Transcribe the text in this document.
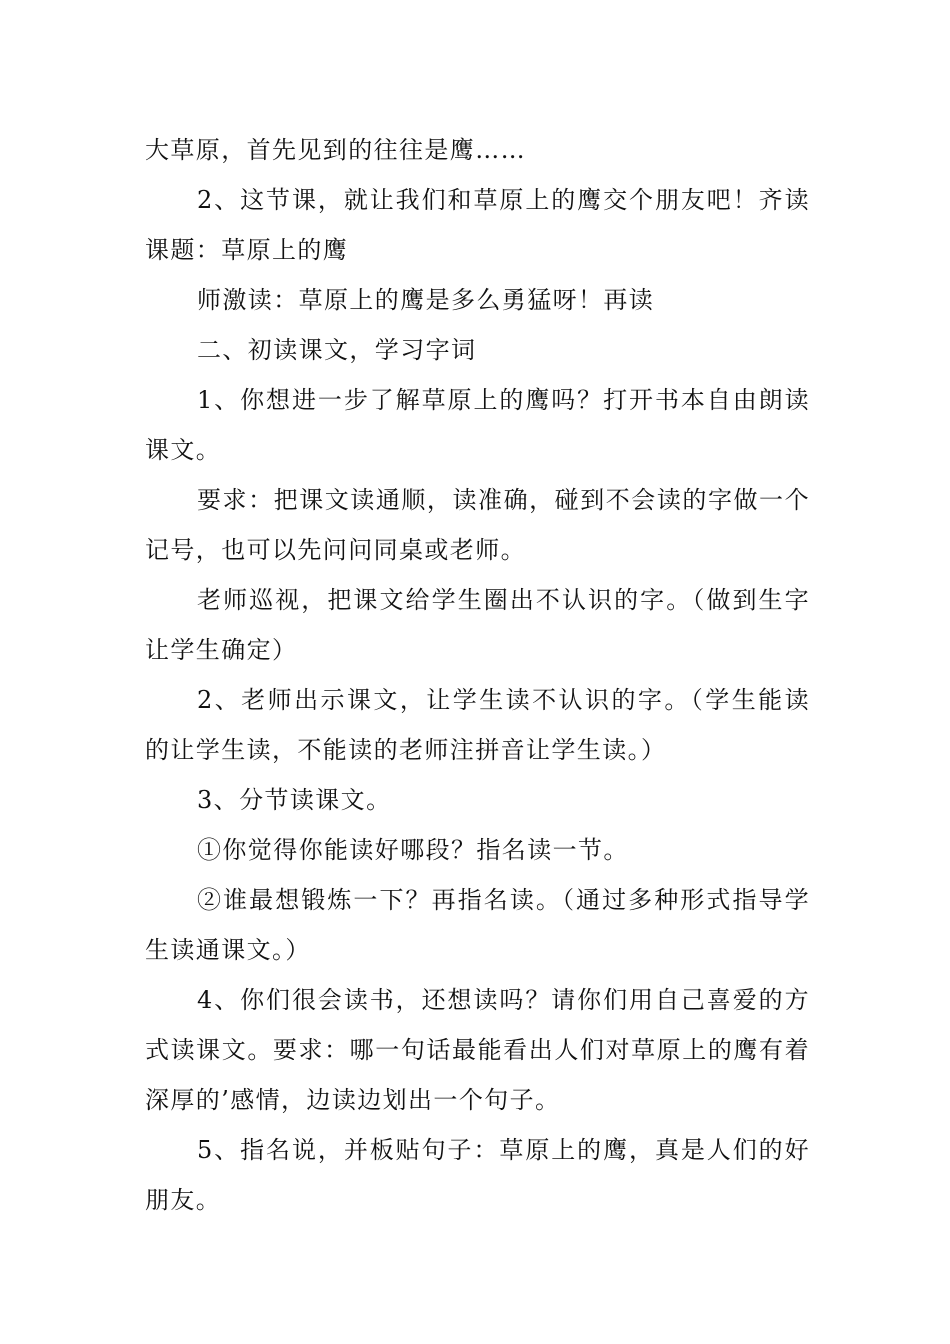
大草原，首先见到的往往是鹰……

2、这节课，就让我们和草原上的鹰交个朋友吧！齐读课题：草原上的鹰

师激读：草原上的鹰是多么勇猛呀！再读

二、初读课文，学习字词

1、你想进一步了解草原上的鹰吗？打开书本自由朗读课文。

要求：把课文读通顺，读准确，碰到不会读的字做一个记号，也可以先问问同桌或老师。

老师巡视，把课文给学生圈出不认识的字。（做到生字让学生确定）

2、老师出示课文，让学生读不认识的字。（学生能读的让学生读，不能读的老师注拼音让学生读。）

3、分节读课文。

①你觉得你能读好哪段？指名读一节。

②谁最想锻炼一下？再指名读。（通过多种形式指导学生读通课文。）

4、你们很会读书，还想读吗？请你们用自己喜爱的方式读课文。要求：哪一句话最能看出人们对草原上的鹰有着深厚的’感情，边读边划出一个句子。

5、指名说，并板贴句子：草原上的鹰，真是人们的好朋友。
